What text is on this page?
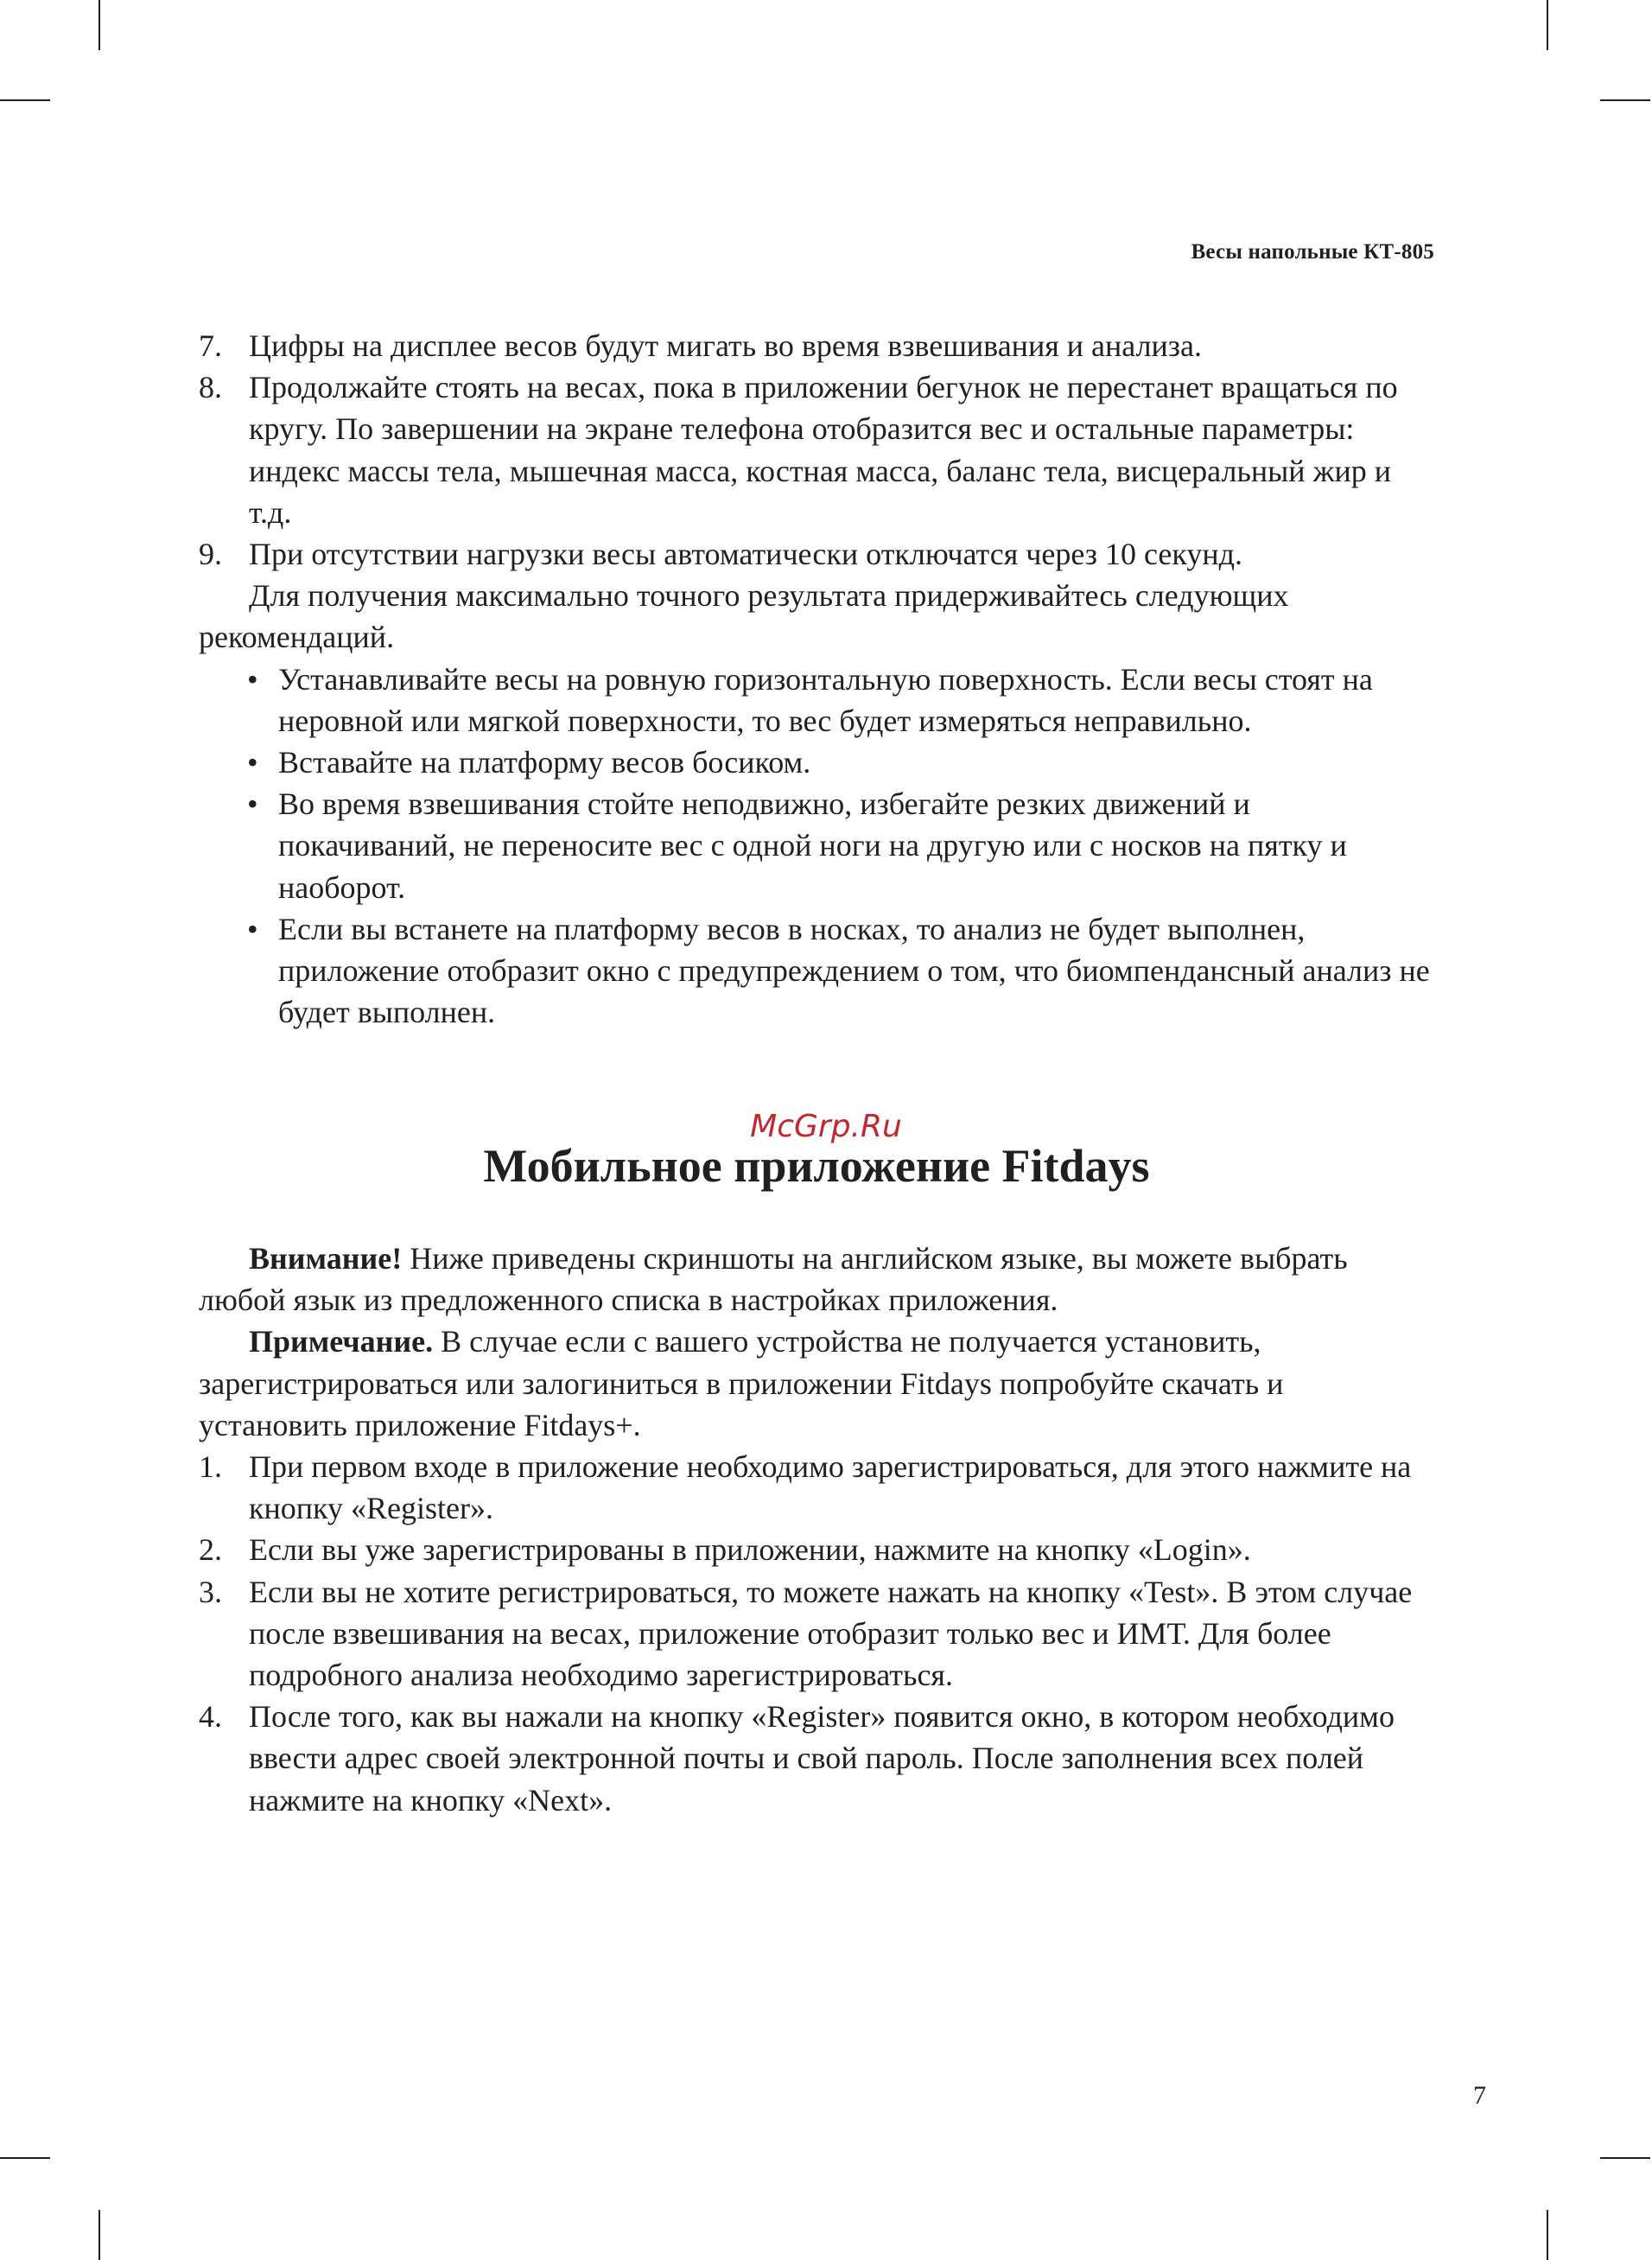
Весы напольные КТ-805
7. Цифры на дисплее весов будут мигать во время взвешивания и анализа.
8. Продолжайте стоять на весах, пока в приложении бегунок не перестанет вращаться по кругу. По завершении на экране телефона отобразится вес и остальные параметры: индекс массы тела, мышечная масса, костная масса, баланс тела, висцеральный жир и т.д.
9. При отсутствии нагрузки весы автоматически отключатся через 10 секунд.

Для получения максимально точного результата придерживайтесь следующих рекомендаций.

• Устанавливайте весы на ровную горизонтальную поверхность. Если весы стоят на неровной или мягкой поверхности, то вес будет измеряться неправильно.
• Вставайте на платформу весов босиком.
• Во время взвешивания стойте неподвижно, избегайте резких движений и покачиваний, не переносите вес с одной ноги на другую или с носков на пятку и наоборот.
• Если вы встанете на платформу весов в носках, то анализ не будет выполнен, приложение отобразит окно с предупреждением о том, что биомпендансный анализ не будет выполнен.
McGrp.Ru
Мобильное приложение Fitdays

Внимание! Ниже приведены скриншоты на английском языке, вы можете выбрать любой язык из предложенного списка в настройках приложения.

Примечание. В случае если с вашего устройства не получается установить, зарегистрироваться или залогиниться в приложении Fitdays попробуйте скачать и установить приложение Fitdays+.

1. При первом входе в приложение необходимо зарегистрироваться, для этого нажмите на кнопку «Register».
2. Если вы уже зарегистрированы в приложении, нажмите на кнопку «Login».
3. Если вы не хотите регистрироваться, то можете нажать на кнопку «Test». В этом случае после взвешивания на весах, приложение отобразит только вес и ИМТ. Для более подробного анализа необходимо зарегистрироваться.
4. После того, как вы нажали на кнопку «Register» появится окно, в котором необходимо ввести адрес своей электронной почты и свой пароль. После заполнения всех полей нажмите на кнопку «Next».
7
